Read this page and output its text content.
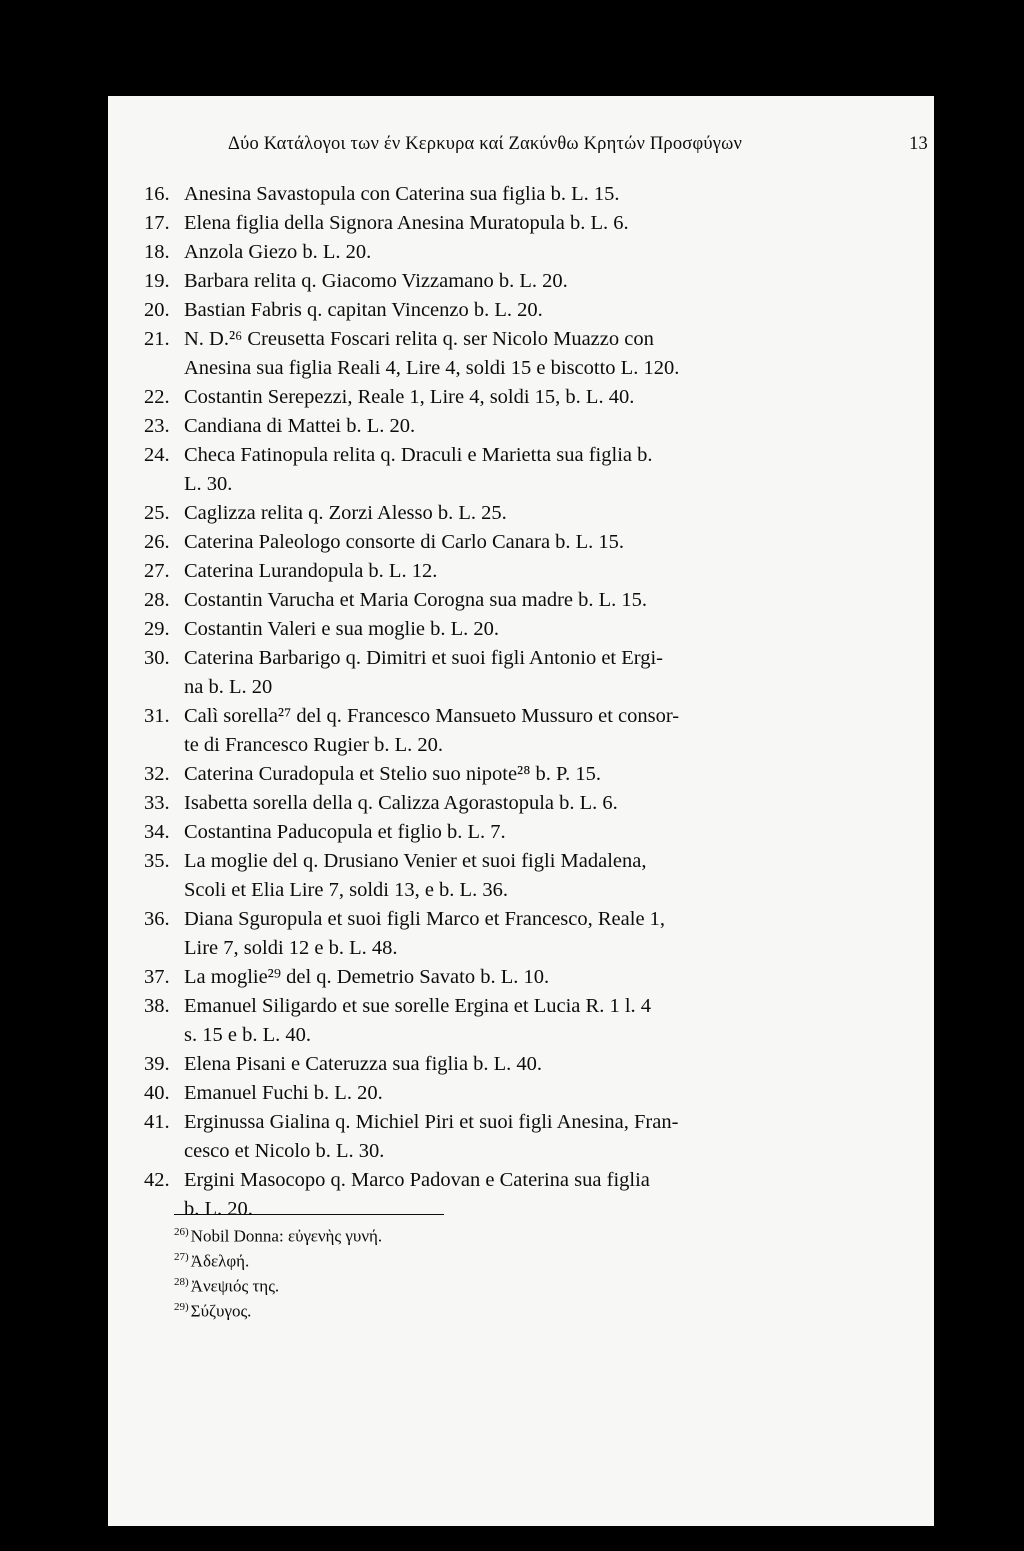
Δύο Κατάλογοι των έν Κερκυρα καί Ζακύνθω Κρητών Προσφύγων	13
16. Anesina Savastopula con Caterina sua figlia b. L. 15.
17. Elena figlia della Signora Anesina Muratopula b. L. 6.
18. Anzola Giezo b. L. 20.
19. Barbara relita q. Giacomo Vizzamano b. L. 20.
20. Bastian Fabris q. capitan Vincenzo b. L. 20.
21. N. D.²⁶ Creusetta Foscari relita q. ser Nicolo Muazzo con
Anesina sua figlia Reali 4, Lire 4, soldi 15 e biscotto L. 120.
22. Costantin Serepezzi, Reale 1, Lire 4, soldi 15, b. L. 40.
23. Candiana di Mattei b. L. 20.
24. Checa Fatinopula relita q. Draculi e Marietta sua figlia b.
L. 30.
25. Caglizza relita q. Zorzi Alesso b. L. 25.
26. Caterina Paleologo consorte di Carlo Canara b. L. 15.
27. Caterina Lurandopula b. L. 12.
28. Costantin Varucha et Maria Corogna sua madre b. L. 15.
29. Costantin Valeri e sua moglie b. L. 20.
30. Caterina Barbarigo q. Dimitri et suoi figli Antonio et Ergi-
na b. L. 20
31. Calì sorella²⁷ del q. Francesco Mansueto Mussuro et consor-
te di Francesco Rugier b. L. 20.
32. Caterina Curadopula et Stelio suo nipote²⁸ b. P. 15.
33. Isabetta sorella della q. Calizza Agorastopula b. L. 6.
34. Costantina Paducopula et figlio b. L. 7.
35. La moglie del q. Drusiano Venier et suoi figli Madalena,
Scoli et Elia Lire 7, soldi 13, e b. L. 36.
36. Diana Sguropula et suoi figli Marco et Francesco, Reale 1,
Lire 7, soldi 12 e b. L. 48.
37. La moglie²⁹ del q. Demetrio Savato b. L. 10.
38. Emanuel Siligardo et sue sorelle Ergina et Lucia R. 1 l. 4
s. 15 e b. L. 40.
39. Elena Pisani e Cateruzza sua figlia b. L. 40.
40. Emanuel Fuchi b. L. 20.
41. Erginussa Gialina q. Michiel Piri et suoi figli Anesina, Fran-
cesco et Nicolo b. L. 30.
42. Ergini Masocopo q. Marco Padovan e Caterina sua figlia
b. L. 20.
$^{26)}$ Nobil Donna: εὐγενὴς γυνή.
$^{27)}$ Ἀδελφή.
$^{28)}$ Ἀνεψιός της.
$^{29)}$ Σύζυγος.
